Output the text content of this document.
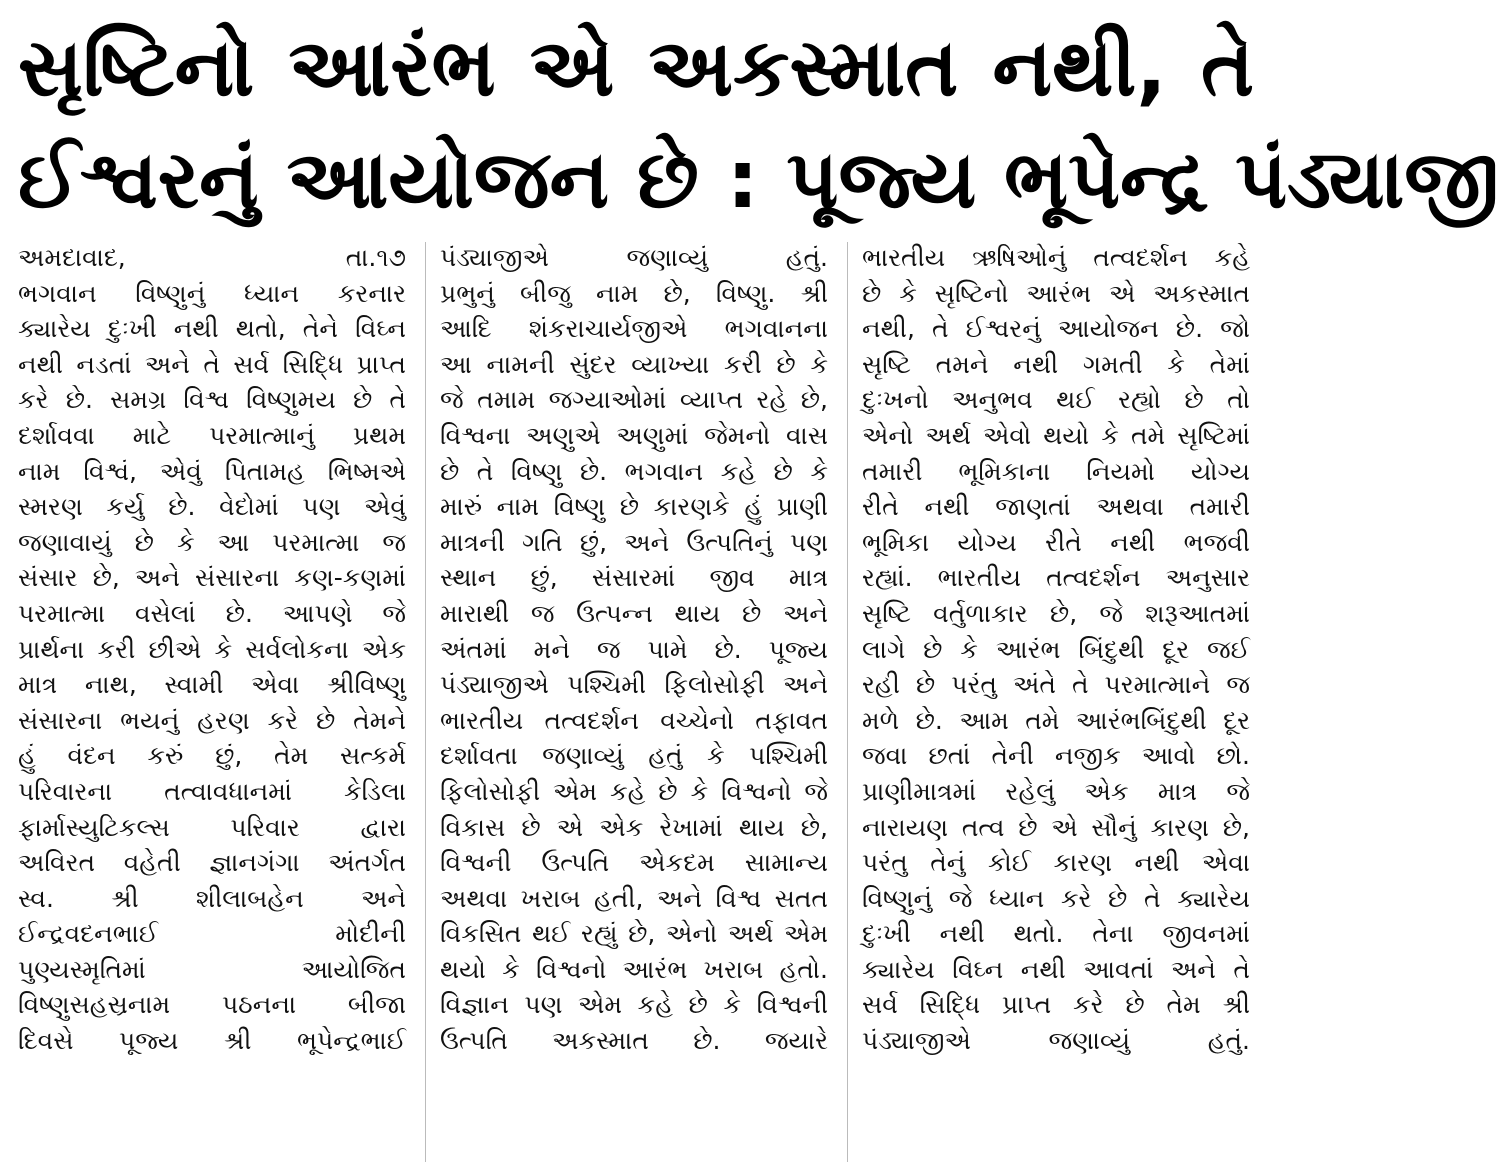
સૃષ્ટિનો આરંભ એ અકસ્માત નથી, તે
ઈશ્વરનું આયોજન છે : પૂજ્ય ભૂપેન્દ્ર પંડ્યાજી

અમદાવાદ, તા.૧૭

ભગવાન વિષ્ણુનું ધ્યાન કરનાર

ક્યારેય દુઃખી નથી થતો, તેને વિઘ્ન

નથી નડતાં અને તે સર્વ સિદ્ધિ પ્રાપ્ત

કરે છે. સમગ્ર વિશ્વ વિષ્ણુમય છે તે

દર્શાવવા માટે પરમાત્માનું પ્રથમ

નામ વિશ્વં, એવું પિતામહ ભિષ્મએ

સ્મરણ કર્યુ છે. વેદોમાં પણ એવું

જણાવાયું છે કે આ પરમાત્મા જ

સંસાર છે, અને સંસારના કણ-કણમાં

પરમાત્મા વસેલાં છે. આપણે જે

પ્રાર્થના કરી છીએ કે સર્વલોકના એક

માત્ર નાથ, સ્વામી એવા શ્રીવિષ્ણુ

સંસારના ભયનું હરણ કરે છે તેમને

હું વંદન કરું છું, તેમ સત્કર્મ

પરિવારના તત્વાવધાનમાં કેડિલા

ફાર્માસ્યુટિકલ્સ પરિવાર દ્વારા

અવિરત વહેતી જ્ઞાનગંગા અંતર્ગત

સ્વ. શ્રી શીલાબહેન અને

ઈન્દ્રવદનભાઈ મોદીની

પુણ્યસ્મૃતિમાં આયોજિત

વિષ્ણુસહસ્રનામ પઠનના બીજા

દિવસે પૂજ્ય શ્રી ભૂપેન્દ્રભાઈ

પંડ્યાજીએ જણાવ્યું હતું.

પ્રભુનું બીજુ નામ છે, વિષ્ણુ. શ્રી

આદિ શંકરાચાર્યજીએ ભગવાનના

આ નામની સુંદર વ્યાખ્યા કરી છે કે

જે તમામ જગ્યાઓમાં વ્યાપ્ત રહે છે,

વિશ્વના અણુએ અણુમાં જેમનો વાસ

છે તે વિષ્ણુ છે. ભગવાન કહે છે કે

મારું નામ વિષ્ણુ છે કારણકે હું પ્રાણી

માત્રની ગતિ છું, અને ઉત્પતિનું પણ

સ્થાન છું, સંસારમાં જીવ માત્ર

મારાથી જ ઉત્પન્ન થાય છે અને

અંતમાં મને જ પામે છે. પૂજ્ય

પંડ્યાજીએ પશ્ચિમી ફિલોસોફી અને

ભારતીય તત્વદર્શન વચ્ચેનો તફાવત

દર્શાવતા જણાવ્યું હતું કે પશ્ચિમી

ફિલોસોફી એમ કહે છે કે વિશ્વનો જે

વિકાસ છે એ એક રેખામાં થાય છે,

વિશ્વની ઉત્પતિ એકદમ સામાન્ય

અથવા ખરાબ હતી, અને વિશ્વ સતત

વિકસિત થઈ રહ્યું છે, એનો અર્થ એમ

થયો કે વિશ્વનો આરંભ ખરાબ હતો.

વિજ્ઞાન પણ એમ કહે છે કે વિશ્વની

ઉત્પતિ અકસ્માત છે. જયારે

ભારતીય ઋષિઓનું તત્વદર્શન કહે

છે કે સૃષ્ટિનો આરંભ એ અકસ્માત

નથી, તે ઈશ્વરનું આયોજન છે. જો

સૃષ્ટિ તમને નથી ગમતી કે તેમાં

દુઃખનો અનુભવ થઈ રહ્યો છે તો

એનો અર્થ એવો થયો કે તમે સૃષ્ટિમાં

તમારી ભૂમિકાના નિયમો યોગ્ય

રીતે નથી જાણતાં અથવા તમારી

ભૂમિકા યોગ્ય રીતે નથી ભજવી

રહ્યાં. ભારતીય તત્વદર્શન અનુસાર

સૃષ્ટિ વર્તુળાકાર છે, જે શરૂઆતમાં

લાગે છે કે આરંભ બિંદુથી દૂર જઈ

રહી છે પરંતુ અંતે તે પરમાત્માને જ

મળે છે. આમ તમે આરંભબિંદુથી દૂર

જવા છતાં તેની નજીક આવો છો.

પ્રાણીમાત્રમાં રહેલું એક માત્ર જે

નારાયણ તત્વ છે એ સૌનું કારણ છે,

પરંતુ તેનું કોઈ કારણ નથી એવા

વિષ્ણુનું જે ધ્યાન કરે છે તે ક્યારેય

દુઃખી નથી થતો. તેના જીવનમાં

ક્યારેય વિઘ્ન નથી આવતાં અને તે

સર્વ સિદ્ધિ પ્રાપ્ત કરે છે તેમ શ્રી

પંડ્યાજીએ જણાવ્યું હતું.
